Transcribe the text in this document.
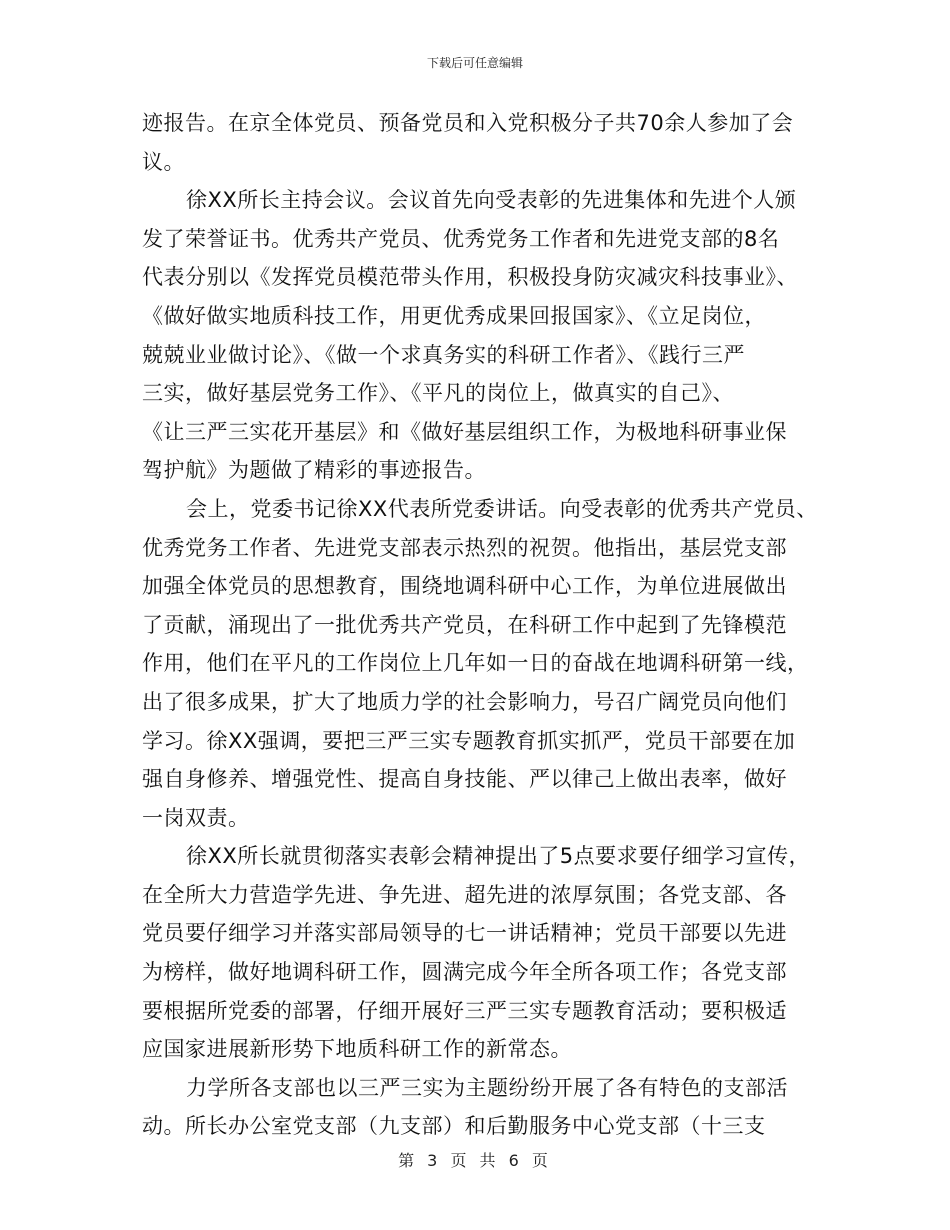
下载后可任意编辑
迹报告。在京全体党员、预备党员和入党积极分子共70余人参加了会
议。
徐XX所长主持会议。会议首先向受表彰的先进集体和先进个人颁
发了荣誉证书。优秀共产党员、优秀党务工作者和先进党支部的8名
代表分别以《发挥党员模范带头作用，积极投身防灾减灾科技事业》、
《做好做实地质科技工作，用更优秀成果回报国家》、《立足岗位，
兢兢业业做讨论》、《做一个求真务实的科研工作者》、《践行三严
三实，做好基层党务工作》、《平凡的岗位上，做真实的自己》、
《让三严三实花开基层》和《做好基层组织工作，为极地科研事业保
驾护航》为题做了精彩的事迹报告。
会上，党委书记徐XX代表所党委讲话。向受表彰的优秀共产党员、
优秀党务工作者、先进党支部表示热烈的祝贺。他指出，基层党支部
加强全体党员的思想教育，围绕地调科研中心工作，为单位进展做出
了贡献，涌现出了一批优秀共产党员，在科研工作中起到了先锋模范
作用，他们在平凡的工作岗位上几年如一日的奋战在地调科研第一线，
出了很多成果，扩大了地质力学的社会影响力，号召广阔党员向他们
学习。徐XX强调，要把三严三实专题教育抓实抓严，党员干部要在加
强自身修养、增强党性、提高自身技能、严以律己上做出表率，做好
一岗双责。
徐XX所长就贯彻落实表彰会精神提出了5点要求要仔细学习宣传，
在全所大力营造学先进、争先进、超先进的浓厚氛围；各党支部、各
党员要仔细学习并落实部局领导的七一讲话精神；党员干部要以先进
为榜样，做好地调科研工作，圆满完成今年全所各项工作；各党支部
要根据所党委的部署，仔细开展好三严三实专题教育活动；要积极适
应国家进展新形势下地质科研工作的新常态。
力学所各支部也以三严三实为主题纷纷开展了各有特色的支部活
动。所长办公室党支部（九支部）和后勤服务中心党支部（十三支
第 3 页 共 6 页
